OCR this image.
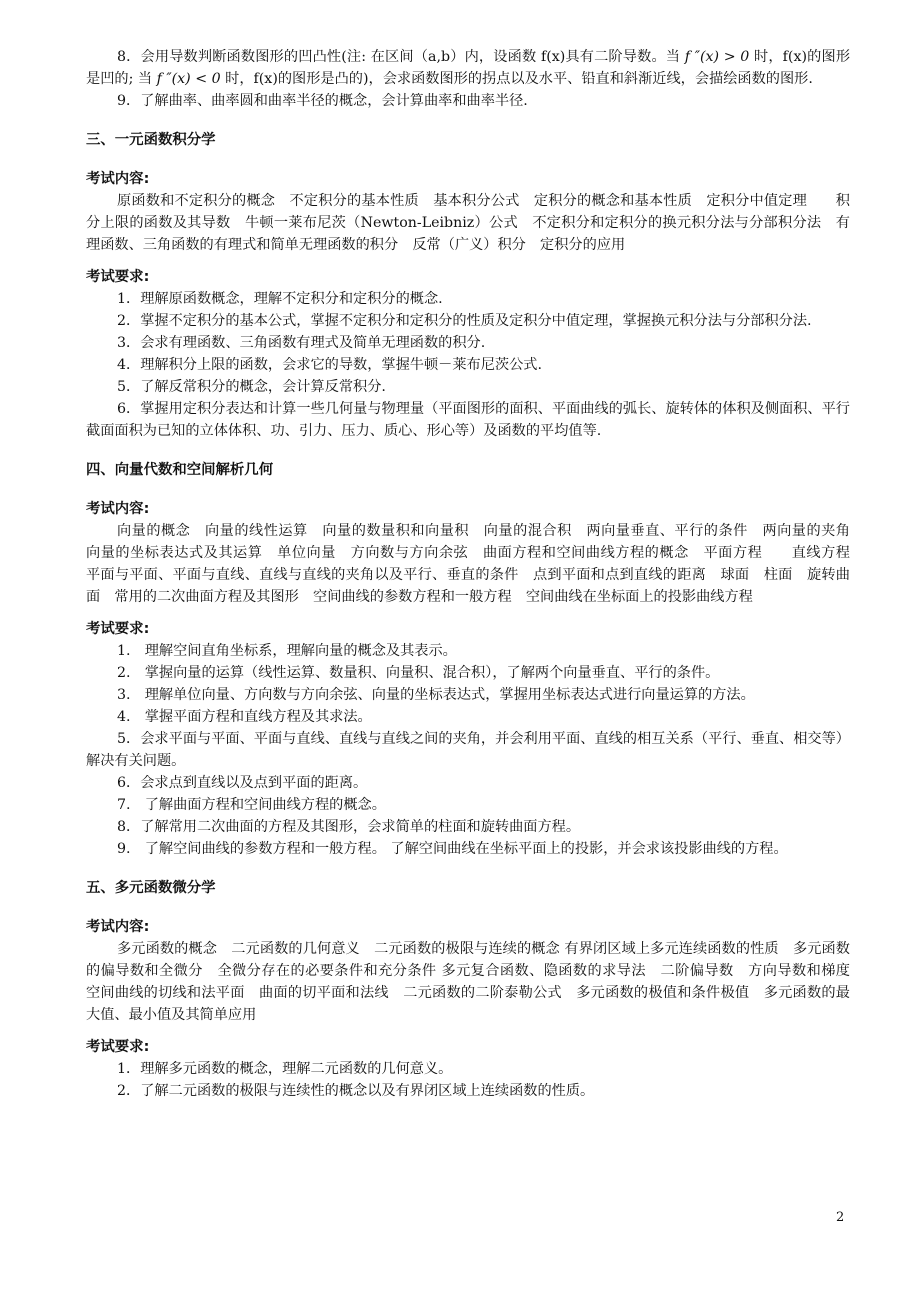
8．会用导数判断函数图形的凹凸性(注: 在区间（a,b）内，设函数 f(x)具有二阶导数。当 f ″(x) > 0 时，f(x)的图形是凹的; 当 f ″(x) < 0 时，f(x)的图形是凸的)，会求函数图形的拐点以及水平、铅直和斜渐近线，会描绘函数的图形.

9．了解曲率、曲率圆和曲率半径的概念，会计算曲率和曲率半径.

三、一元函数积分学

考试内容:

原函数和不定积分的概念　不定积分的基本性质　基本积分公式　定积分的概念和基本性质　定积分中值定理　　积分上限的函数及其导数　牛顿一莱布尼茨（Newton-Leibniz）公式　不定积分和定积分的换元积分法与分部积分法　有理函数、三角函数的有理式和简单无理函数的积分　反常（广义）积分　定积分的应用

考试要求:

1．理解原函数概念，理解不定积分和定积分的概念.

2．掌握不定积分的基本公式，掌握不定积分和定积分的性质及定积分中值定理，掌握换元积分法与分部积分法.

3．会求有理函数、三角函数有理式及简单无理函数的积分.

4．理解积分上限的函数，会求它的导数，掌握牛顿－莱布尼茨公式.

5．了解反常积分的概念，会计算反常积分.

6．掌握用定积分表达和计算一些几何量与物理量（平面图形的面积、平面曲线的弧长、旋转体的体积及侧面积、平行截面面积为已知的立体体积、功、引力、压力、质心、形心等）及函数的平均值等.

四、向量代数和空间解析几何

考试内容:

向量的概念　向量的线性运算　向量的数量积和向量积　向量的混合积　两向量垂直、平行的条件　两向量的夹角　向量的坐标表达式及其运算　单位向量　方向数与方向余弦　曲面方程和空间曲线方程的概念　平面方程　　直线方程　平面与平面、平面与直线、直线与直线的夹角以及平行、垂直的条件　点到平面和点到直线的距离　球面　柱面　旋转曲面　常用的二次曲面方程及其图形　空间曲线的参数方程和一般方程　空间曲线在坐标面上的投影曲线方程

考试要求:

1.　理解空间直角坐标系，理解向量的概念及其表示。

2.　掌握向量的运算（线性运算、数量积、向量积、混合积），了解两个向量垂直、平行的条件。

3.　理解单位向量、方向数与方向余弦、向量的坐标表达式，掌握用坐标表达式进行向量运算的方法。

4.　掌握平面方程和直线方程及其求法。

5．会求平面与平面、平面与直线、直线与直线之间的夹角，并会利用平面、直线的相互关系（平行、垂直、相交等）解决有关问题。

6．会求点到直线以及点到平面的距离。

7.　了解曲面方程和空间曲线方程的概念。

8．了解常用二次曲面的方程及其图形，会求简单的柱面和旋转曲面方程。

9.　了解空间曲线的参数方程和一般方程。 了解空间曲线在坐标平面上的投影，并会求该投影曲线的方程。

五、多元函数微分学

考试内容:

多元函数的概念　二元函数的几何意义　二元函数的极限与连续的概念 有界闭区域上多元连续函数的性质　多元函数的偏导数和全微分　全微分存在的必要条件和充分条件 多元复合函数、隐函数的求导法　二阶偏导数　方向导数和梯度　空间曲线的切线和法平面　曲面的切平面和法线　二元函数的二阶泰勒公式　多元函数的极值和条件极值　多元函数的最大值、最小值及其简单应用

考试要求:

1．理解多元函数的概念，理解二元函数的几何意义。

2．了解二元函数的极限与连续性的概念以及有界闭区域上连续函数的性质。

2
